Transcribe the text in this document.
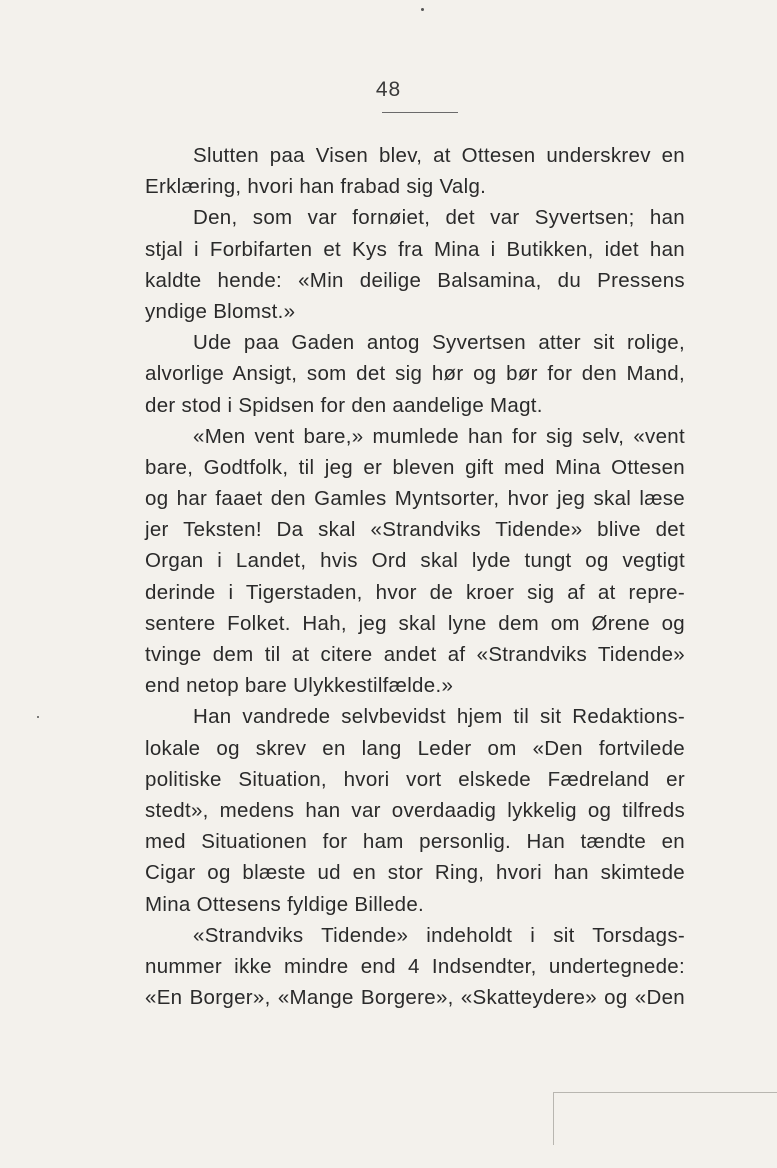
48
Slutten paa Visen blev, at Ottesen underskrev en
Erklæring, hvori han frabad sig Valg.
Den, som var fornøiet, det var Syvertsen; han
stjal i Forbifarten et Kys fra Mina i Butikken, idet han
kaldte hende: «Min deilige Balsamina, du Pressens
yndige Blomst.»
Ude paa Gaden antog Syvertsen atter sit rolige,
alvorlige Ansigt, som det sig hør og bør for den Mand,
der stod i Spidsen for den aandelige Magt.
«Men vent bare,» mumlede han for sig selv, «vent
bare, Godtfolk, til jeg er bleven gift med Mina Ottesen
og har faaet den Gamles Myntsorter, hvor jeg skal læse
jer Teksten! Da skal «Strandviks Tidende» blive det
Organ i Landet, hvis Ord skal lyde tungt og vegtigt
derinde i Tigerstaden, hvor de kroer sig af at repre-
sentere Folket. Hah, jeg skal lyne dem om Ørene og
tvinge dem til at citere andet af «Strandviks Tidende»
end netop bare Ulykkestilfælde.»
Han vandrede selvbevidst hjem til sit Redaktions-
lokale og skrev en lang Leder om «Den fortvilede
politiske Situation, hvori vort elskede Fædreland er
stedt», medens han var overdaadig lykkelig og tilfreds
med Situationen for ham personlig. Han tændte en
Cigar og blæste ud en stor Ring, hvori han skimtede
Mina Ottesens fyldige Billede.
«Strandviks Tidende» indeholdt i sit Torsdags-
nummer ikke mindre end 4 Indsendter, undertegnede:
«En Borger», «Mange Borgere», «Skatteydere» og «Den
